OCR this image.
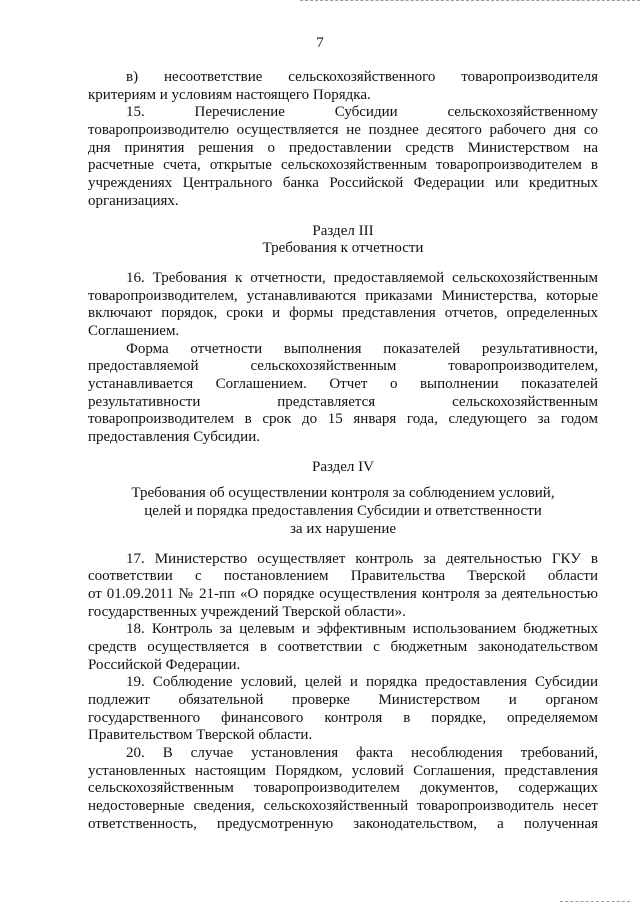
7
в) несоответствие сельскохозяйственного товаропроизводителя
критериям и условиям настоящего Порядка.
15. Перечисление Субсидии сельскохозяйственному
товаропроизводителю осуществляется не позднее десятого рабочего дня со
дня принятия решения о предоставлении средств Министерством на
расчетные счета, открытые сельскохозяйственным товаропроизводителем в
учреждениях Центрального банка Российской Федерации или кредитных
организациях.
Раздел III
Требования к отчетности
16. Требования к отчетности, предоставляемой сельскохозяйственным
товаропроизводителем, устанавливаются приказами Министерства, которые
включают порядок, сроки и формы представления отчетов, определенных
Соглашением.
Форма отчетности выполнения показателей результативности,
предоставляемой сельскохозяйственным товаропроизводителем,
устанавливается Соглашением. Отчет о выполнении показателей
результативности представляется сельскохозяйственным
товаропроизводителем в срок до 15 января года, следующего за годом
предоставления Субсидии.
Раздел IV
Требования об осуществлении контроля за соблюдением условий,
целей и порядка предоставления Субсидии и ответственности
за их нарушение
17. Министерство осуществляет контроль за деятельностью ГКУ в
соответствии с постановлением Правительства Тверской области
от 01.09.2011 № 21-пп «О порядке осуществления контроля за деятельностью
государственных учреждений Тверской области».
18. Контроль за целевым и эффективным использованием бюджетных
средств осуществляется в соответствии с бюджетным законодательством
Российской Федерации.
19. Соблюдение условий, целей и порядка предоставления Субсидии
подлежит обязательной проверке Министерством и органом
государственного финансового контроля в порядке, определяемом
Правительством Тверской области.
20. В случае установления факта несоблюдения требований,
установленных настоящим Порядком, условий Соглашения, представления
сельскохозяйственным товаропроизводителем документов, содержащих
недостоверные сведения, сельскохозяйственный товаропроизводитель несет
ответственность, предусмотренную законодательством, а полученная
